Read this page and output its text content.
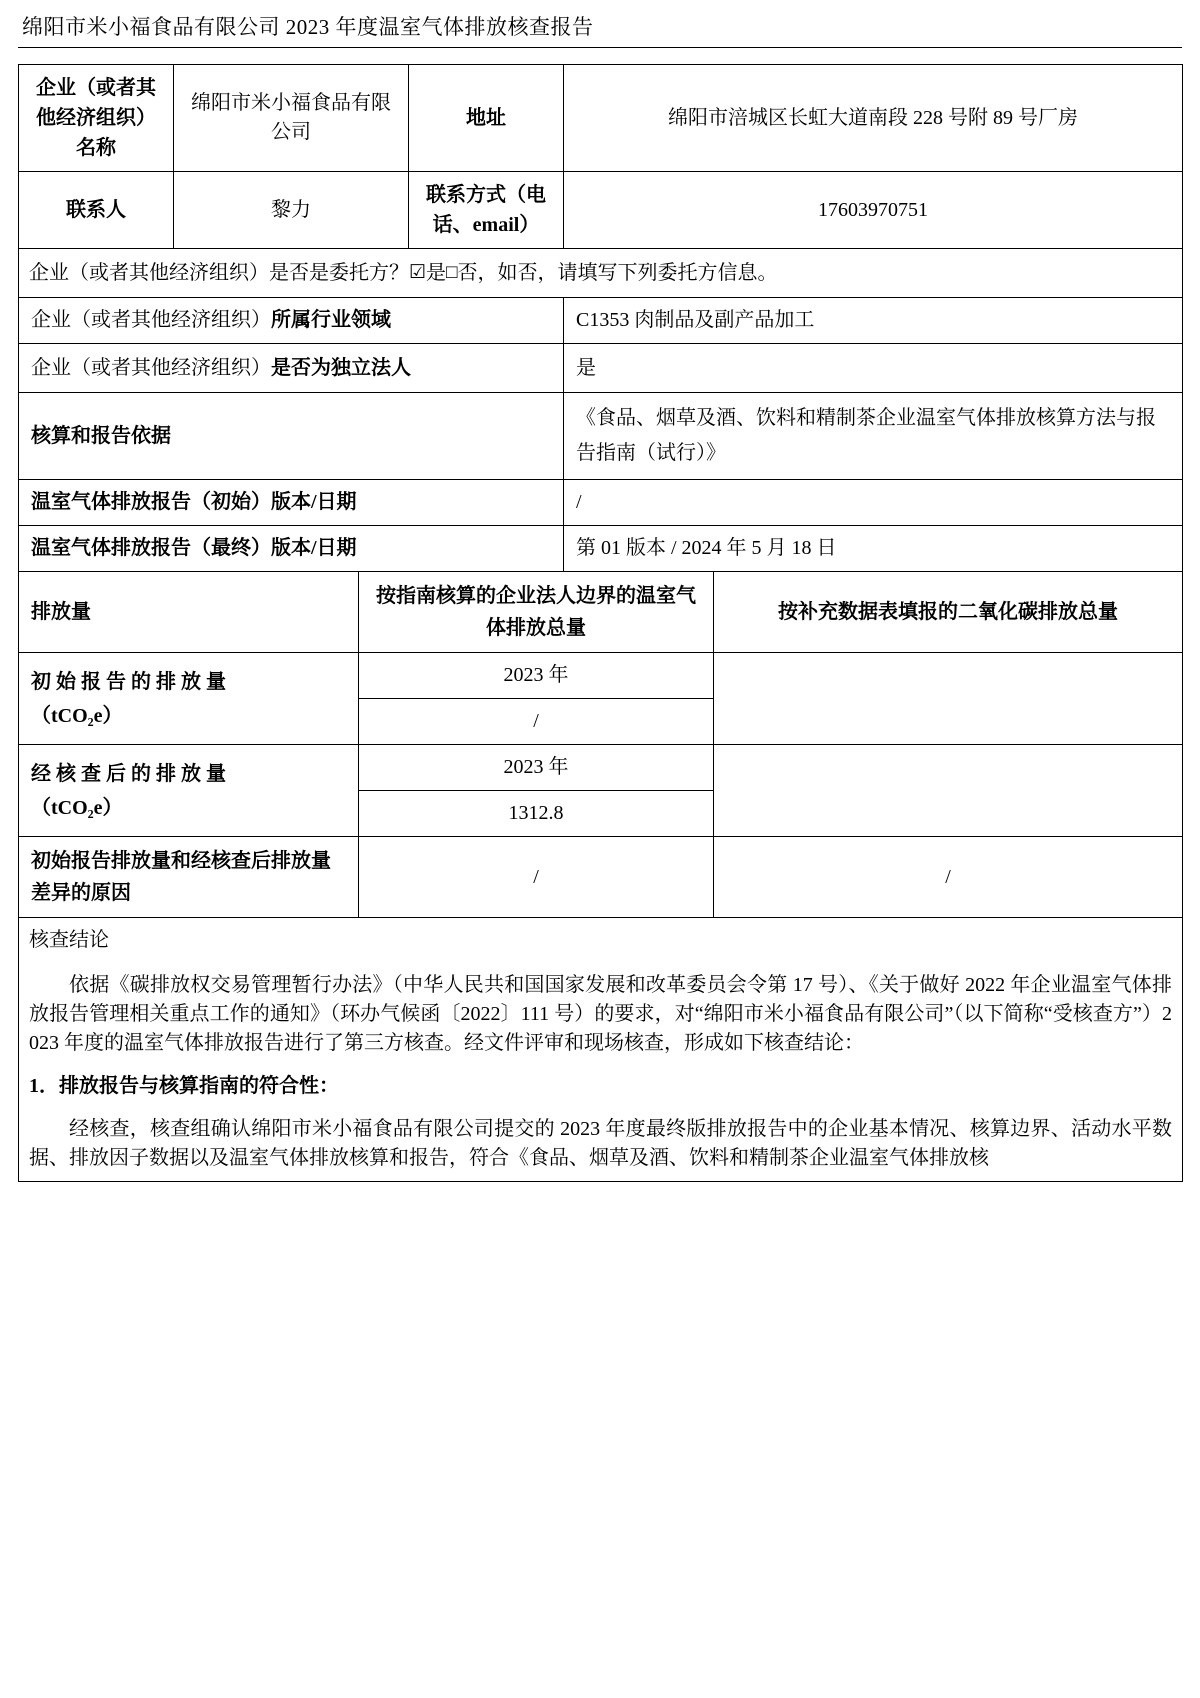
绵阳市米小福食品有限公司 2023 年度温室气体排放核查报告
企业（或者其他经济组织）名称	绵阳市米小福食品有限公司		地址	绵阳市涪城区长虹大道南段 228 号附 89 号厂房	
联系人	黎力		联系方式（电话、email）	17603970751	
企业（或者其他经济组织）是否是委托方？☑是□否，如否，请填写下列委托方信息。					
企业（或者其他经济组织）所属行业领域				C1353 肉制品及副产品加工	
企业（或者其他经济组织）是否为独立法人				是	
核算和报告依据				《食品、烟草及酒、饮料和精制茶企业温室气体排放核算方法与报告指南（试行）》	
温室气体排放报告（初始）版本/日期				/	
温室气体排放报告（最终）版本/日期				第 01 版本 / 2024 年 5 月 18 日	
排放量		按指南核算的企业法人边界的温室气体排放总量			按补充数据表填报的二氧化碳排放总量

初 始 报 告 的 排 放 量
（tCO₂e）		2023 年			
		/			

经 核 查 后 的 排 放 量
（tCO₂e）		2023 年			
		1312.8			
初始报告排放量和经核查后排放量差异的原因		/			/
核查结论					

依据《碳排放权交易管理暂行办法》（中华人民共和国国家发展和改革委员会令第 17 号）、《关于做好 2022 年企业温室气体排放报告管理相关重点工作的通知》（环办气候函〔2022〕111 号）的要求，对“绵阳市米小福食品有限公司”（以下简称“受核查方”）2023 年度的温室气体排放报告进行了第三方核查。经文件评审和现场核查，形成如下核查结论：

1．排放报告与核算指南的符合性：

经核查，核查组确认绵阳市米小福食品有限公司提交的 2023 年度最终版排放报告中的企业基本情况、核算边界、活动水平数据、排放因子数据以及温室气体排放核算和报告，符合《食品、烟草及酒、饮料和精制茶企业温室气体排放核					
